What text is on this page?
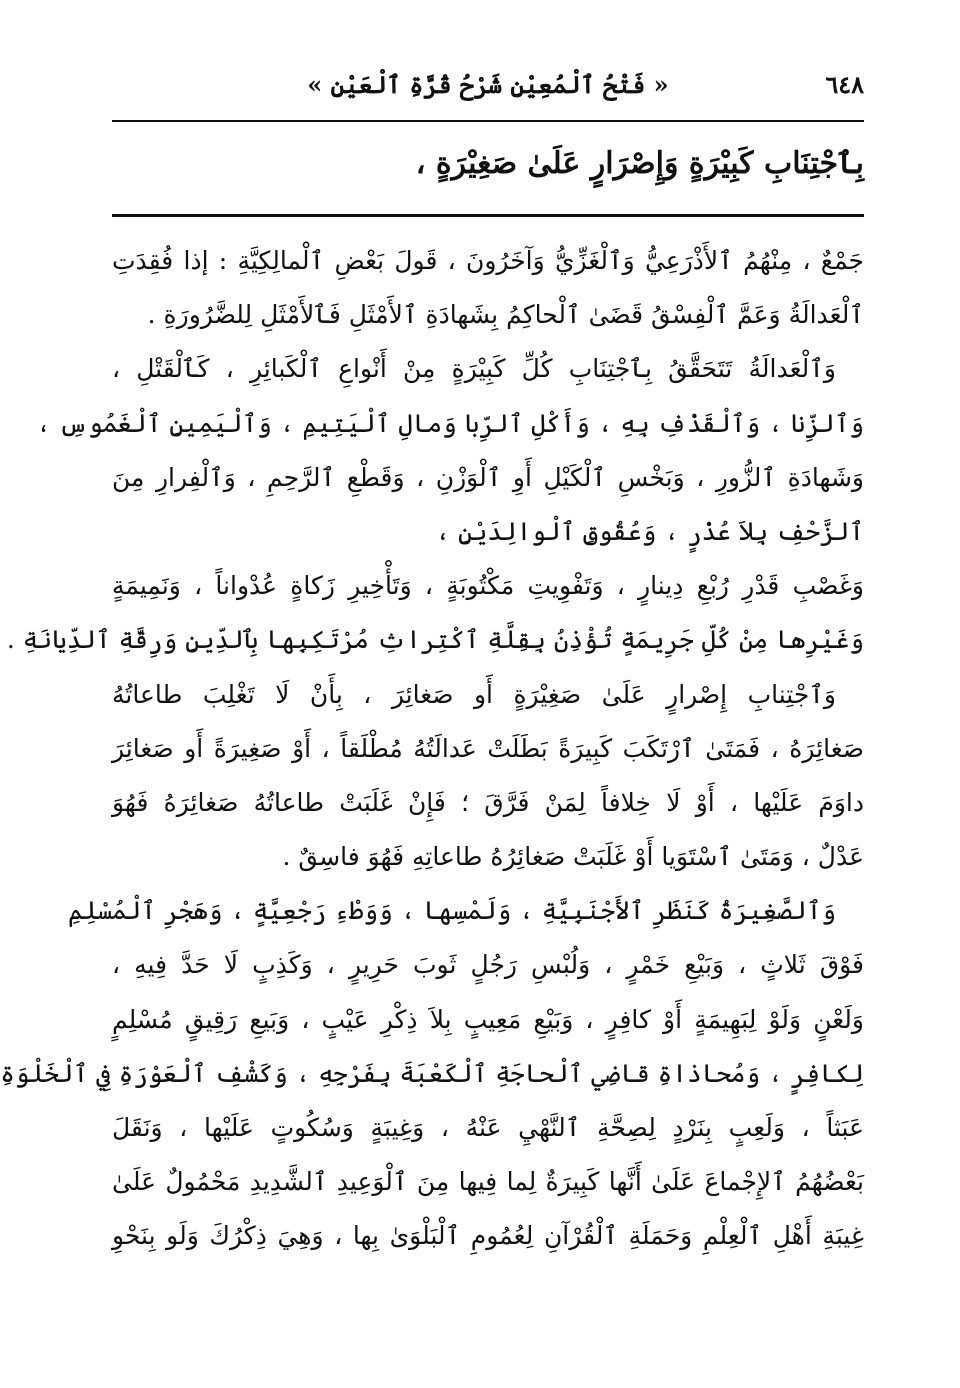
٦٤٨
« فَتْحُ ٱلْمُعِيْنِ شَرْحُ قُرَّةِ ٱلْعَيْنِ »
بِٱجْتِنَابِ كَبِيْرَةٍ وَإِصْرَارٍ عَلَىٰ صَغِيْرَةٍ ،

جَمْعٌ ، مِنْهُمُ ٱلأَذْرَعِيُّ وَٱلْغَزِّيُّ وَآخَرُونَ ، قَولَ بَعْضِ ٱلْمالِكِيَّةِ : إذا فُقِدَتِ
ٱلْعَدالَةُ وَعَمَّ ٱلْفِسْقُ قَضَىٰ ٱلْحاكِمُ بِشَهادَةِ ٱلأَمْثَلِ فَٱلأَمْثَلِ لِلضَّرُورَةِ .

وَٱلْعَدالَةُ تَتَحَقَّقُ بِٱجْتِنَابِ كُلِّ كَبِيْرَةٍ مِنْ أَنْواعِ ٱلْكَبائِرِ ، كَٱلْقَتْلِ ،
وَٱلزِّنا ، وَٱلْقَذْفِ بِهِ ، وَأَكْلِ ٱلرِّبا وَمالِ ٱلْيَتِيمِ ، وَٱلْيَمِينِ ٱلْغَمُوسِ ،
وَشَهادَةِ ٱلزُّورِ ، وَبَخْسِ ٱلْكَيْلِ أَوِ ٱلْوَزْنِ ، وَقَطْعِ ٱلرَّحِمِ ، وَٱلْفِرارِ مِنَ
ٱلزَّحْفِ بِلاَ عُذْرٍ ، وَعُقُوقِ ٱلْوالِدَيْنِ ،

وَغَصْبِ قَدْرِ رُبْعِ دِينارٍ ، وَتَفْوِيتِ مَكْتُوبَةٍ ، وَتَأْخِيرِ زَكاةٍ عُدْواناً ، وَنَمِيمَةٍ
وَغَيْرِها مِنْ كُلِّ جَرِيمَةٍ تُؤْذِنُ بِقِلَّةِ ٱكْتِراثِ مُرْتَكِبِها بِٱلدِّينِ وَرِقَّةِ ٱلدِّيانَةِ .

وَٱجْتِنابِ إِصْرارٍ عَلَىٰ صَغِيْرَةٍ أَو صَغائِرَ ، بِأَنْ لَا تَغْلِبَ طاعاتُهُ
صَغائِرَهُ ، فَمَتَىٰ ٱرْتَكَبَ كَبِيرَةً بَطَلَتْ عَدالَتُهُ مُطْلَقاً ، أَوْ صَغِيرَةً أَو صَغائِرَ
داوَمَ عَلَيْها ، أَوْ لَا خِلافاً لِمَنْ فَرَّقَ ؛ فَإِنْ غَلَبَتْ طاعاتُهُ صَغائِرَهُ فَهُوَ
عَدْلٌ ، وَمَتَىٰ ٱسْتَوَيا أَوْ غَلَبَتْ صَغائِرُهُ طاعاتِهِ فَهُوَ فاسِقٌ .

وَٱلصَّغِيرَةُ كَنَظَرِ ٱلأَجْنَبِيَّةِ ، وَلَمْسِها ، وَوَطْءِ رَجْعِيَّةٍ ، وَهَجْرِ ٱلْمُسْلِمِ
فَوْقَ ثَلاثٍ ، وَبَيْعِ خَمْرٍ ، وَلُبْسِ رَجُلٍ ثَوبَ حَرِيرٍ ، وَكَذِبٍ لَا حَدَّ فِيهِ ،
وَلَعْنٍ وَلَوْ لِبَهِيمَةٍ أَوْ كافِرٍ ، وَبَيْعِ مَعِيبٍ بِلاَ ذِكْرِ عَيْبٍ ، وَبَيعِ رَقِيقٍ مُسْلِمٍ
لِكافِرٍ ، وَمُحاذاةِ قاضِي ٱلْحاجَةِ ٱلْكَعْبَةَ بِفَرْجِهِ ، وَكَشْفِ ٱلْعَوْرَةِ فِي ٱلْخَلْوَةِ
عَبَثاً ، وَلَعِبٍ بِنَرْدٍ لِصِحَّةِ ٱلنَّهْيِ عَنْهُ ، وَغِيبَةٍ وَسُكُوتٍ عَلَيْها ، وَنَقَلَ
بَعْضُهُمُ ٱلإِجْماعَ عَلَىٰ أَنَّها كَبِيرَةٌ لِما فِيها مِنَ ٱلْوَعِيدِ ٱلشَّدِيدِ مَحْمُولٌ عَلَىٰ
غِيبَةِ أَهْلِ ٱلْعِلْمِ وَحَمَلَةِ ٱلْقُرْآنِ لِعُمُومِ ٱلْبَلْوَىٰ بِها ، وَهِيَ ذِكْرُكَ وَلَو بِنَحْوِ
